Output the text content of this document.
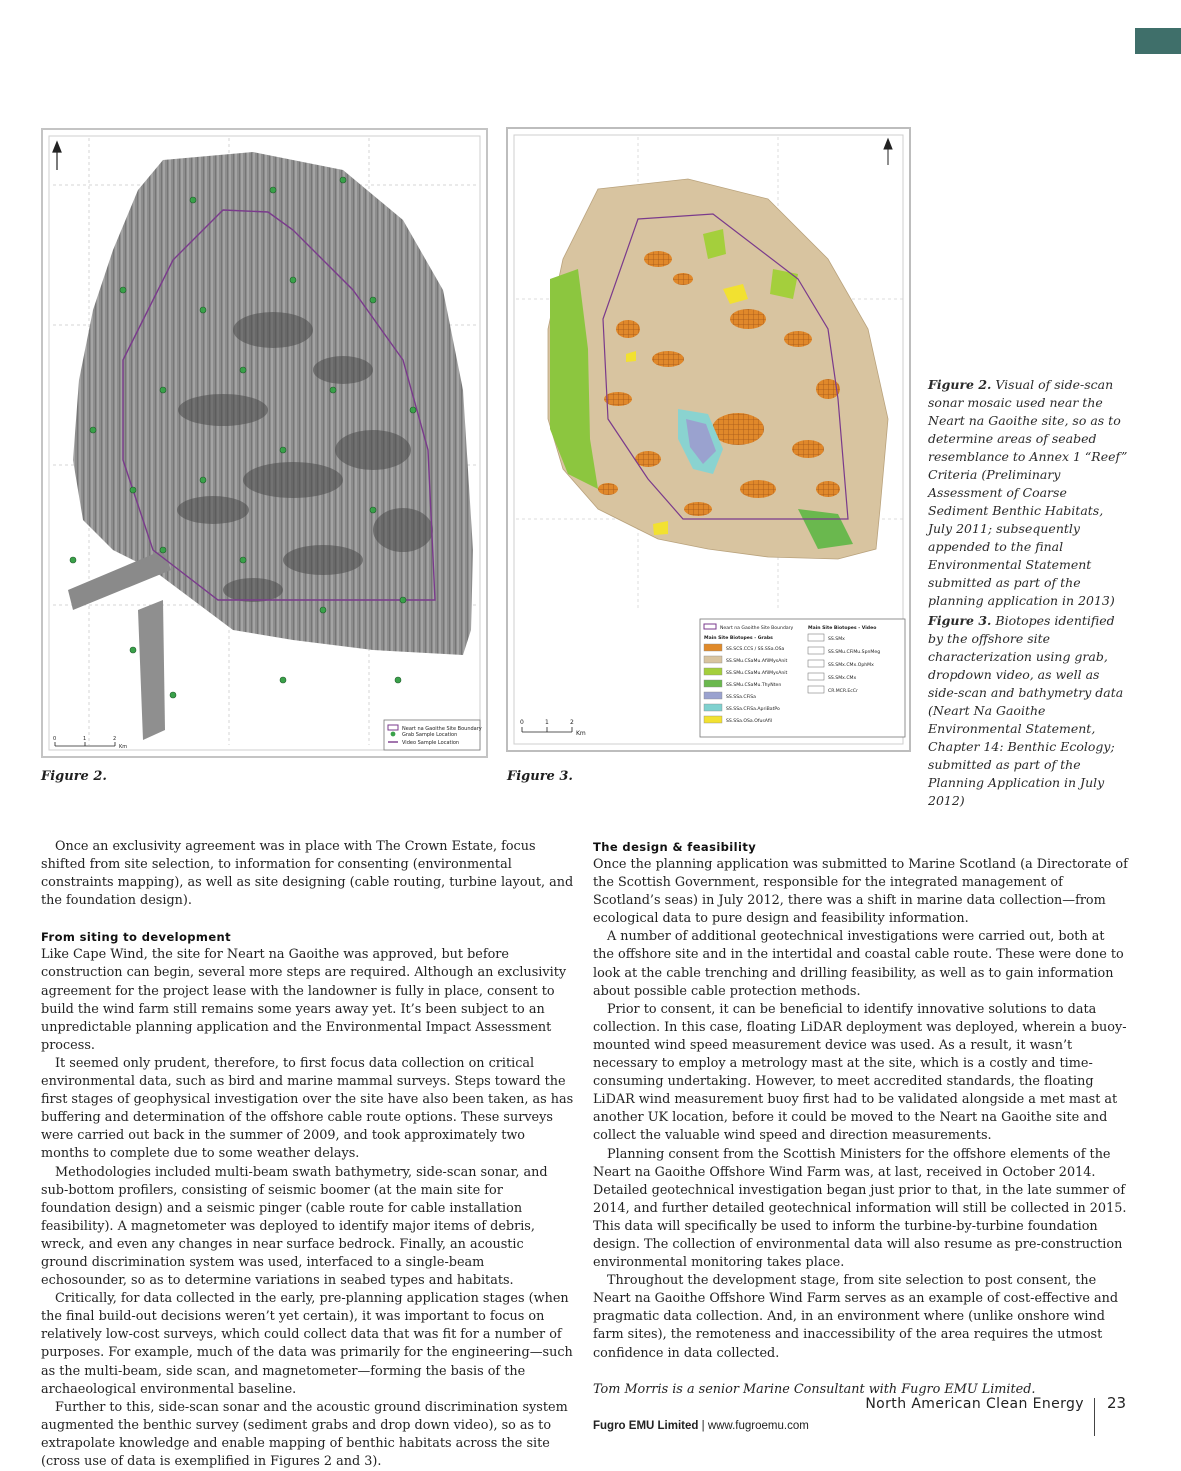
Neart na Gaoithe Site Boundary
Grab Sample Location
Video Sample Location
0	1	2
Km
0	1	2
Km
Neart na Gaoithe Site Boundary
Main Site Biotopes - Grabs
Main Site Biotopes - Video
SS.SCS.CCS / SS.SSa.OSa
SS.SMu.CSaMu.AfilMysAnit
SS.SMu.CSaMu.AfilMysAnit
SS.SMu.CSaMu.ThyNten
SS.SSa.CFiSa
SS.SSa.CFiSa.ApriBatPo
SS.SSa.OSa.OfusAfil
SS.SMx
SS.SMu.CFiMu.SpnMeg
SS.SMx.CMx.OphMx
SS.SMx.CMx
CR.MCR.EcCr
Figure 2.	Figure 3.
Figure 2. Visual of side-scan sonar mosaic used near the Neart na Gaoithe site, so as to determine areas of seabed resemblance to Annex 1 “Reef” Criteria (Preliminary Assessment of Coarse Sediment Benthic Habitats, July 2011; subsequently appended to the final Environmental Statement submitted as part of the planning application in 2013)
Figure 3. Biotopes identified by the offshore site characterization using grab, dropdown video, as well as side-scan and bathymetry data (Neart Na Gaoithe Environmental Statement, Chapter 14: Benthic Ecology; submitted as part of the Planning Application in July 2012)

Once an exclusivity agreement was in place with The Crown Estate, focus shifted from site selection, to information for consenting (environmental constraints mapping), as well as site designing (cable routing, turbine layout, and the foundation design).

From siting to development

Like Cape Wind, the site for Neart na Gaoithe was approved, but before construction can begin, several more steps are required. Although an exclusivity agreement for the project lease with the landowner is fully in place, consent to build the wind farm still remains some years away yet. It’s been subject to an unpredictable planning application and the Environmental Impact Assessment process.

It seemed only prudent, therefore, to first focus data collection on critical environmental data, such as bird and marine mammal surveys. Steps toward the first stages of geophysical investigation over the site have also been taken, as has buffering and determination of the offshore cable route options. These surveys were carried out back in the summer of 2009, and took approximately two months to complete due to some weather delays.

Methodologies included multi-beam swath bathymetry, side-scan sonar, and sub-bottom profilers, consisting of seismic boomer (at the main site for foundation design) and a seismic pinger (cable route for cable installation feasibility). A magnetometer was deployed to identify major items of debris, wreck, and even any changes in near surface bedrock. Finally, an acoustic ground discrimination system was used, interfaced to a single-beam echosounder, so as to determine variations in seabed types and habitats.

Critically, for data collected in the early, pre-planning application stages (when the final build-out decisions weren’t yet certain), it was important to focus on relatively low-cost surveys, which could collect data that was fit for a number of purposes. For example, much of the data was primarily for the engineering—such as the multi-beam, side scan, and magnetometer—forming the basis of the archaeological environmental baseline.

Further to this, side-scan sonar and the acoustic ground discrimination system augmented the benthic survey (sediment grabs and drop down video), so as to extrapolate knowledge and enable mapping of benthic habitats across the site (cross use of data is exemplified in Figures 2 and 3).

The design & feasibility

Once the planning application was submitted to Marine Scotland (a Directorate of the Scottish Government, responsible for the integrated management of Scotland’s seas) in July 2012, there was a shift in marine data collection—from ecological data to pure design and feasibility information.

A number of additional geotechnical investigations were carried out, both at the offshore site and in the intertidal and coastal cable route. These were done to look at the cable trenching and drilling feasibility, as well as to gain information about possible cable protection methods.

Prior to consent, it can be beneficial to identify innovative solutions to data collection. In this case, floating LiDAR deployment was deployed, wherein a buoy-mounted wind speed measurement device was used. As a result, it wasn’t necessary to employ a metrology mast at the site, which is a costly and time-consuming undertaking. However, to meet accredited standards, the floating LiDAR wind measurement buoy first had to be validated alongside a met mast at another UK location, before it could be moved to the Neart na Gaoithe site and collect the valuable wind speed and direction measurements.

Planning consent from the Scottish Ministers for the offshore elements of the Neart na Gaoithe Offshore Wind Farm was, at last, received in October 2014. Detailed geotechnical investigation began just prior to that, in the late summer of 2014, and further detailed geotechnical information will still be collected in 2015. This data will specifically be used to inform the turbine-by-turbine foundation design. The collection of environmental data will also resume as pre-construction environmental monitoring takes place.

Throughout the development stage, from site selection to post consent, the Neart na Gaoithe Offshore Wind Farm serves as an example of cost-effective and pragmatic data collection. And, in an environment where (unlike onshore wind farm sites), the remoteness and inaccessibility of the area requires the utmost confidence in data collected.

Tom Morris is a senior Marine Consultant with Fugro EMU Limited.

Fugro EMU Limited | www.fugroemu.com

North American Clean Energy 23
